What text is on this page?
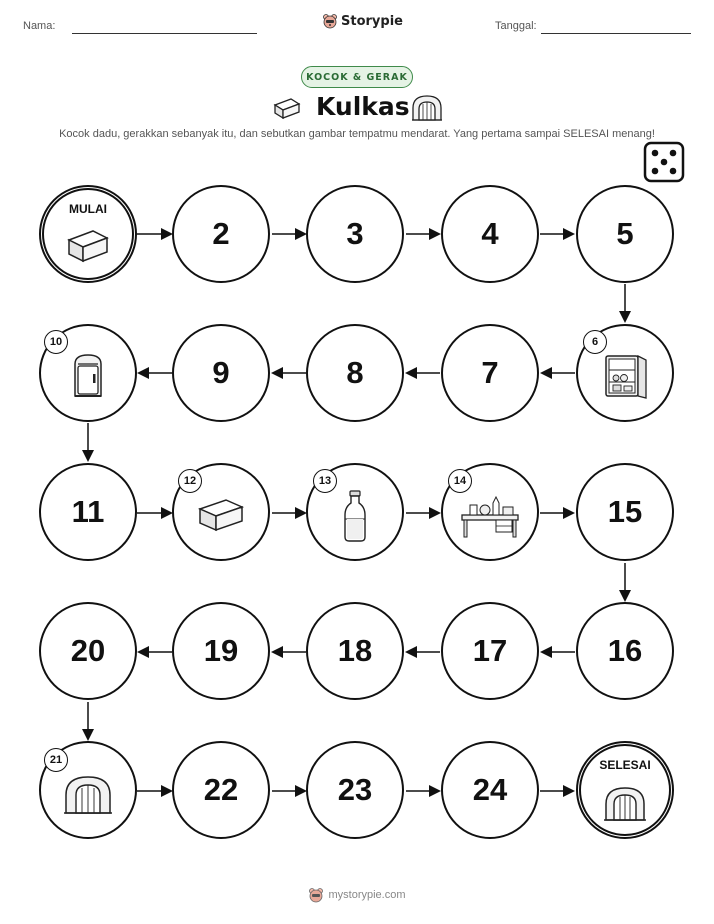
Nama:	Storypie	Tanggal:
KOCOK & GERAK
Kulkas
Kocok dadu, gerakkan sebanyak itu, dan sebutkan gambar tempatmu mendarat. Yang pertama sampai SELESAI menang!
MULAI
2	3	4	5
10
9	8	7
6
11
12	13	14
15
20	19	18	17	16
21
22	23	24
SELESAI
mystorypie.com
